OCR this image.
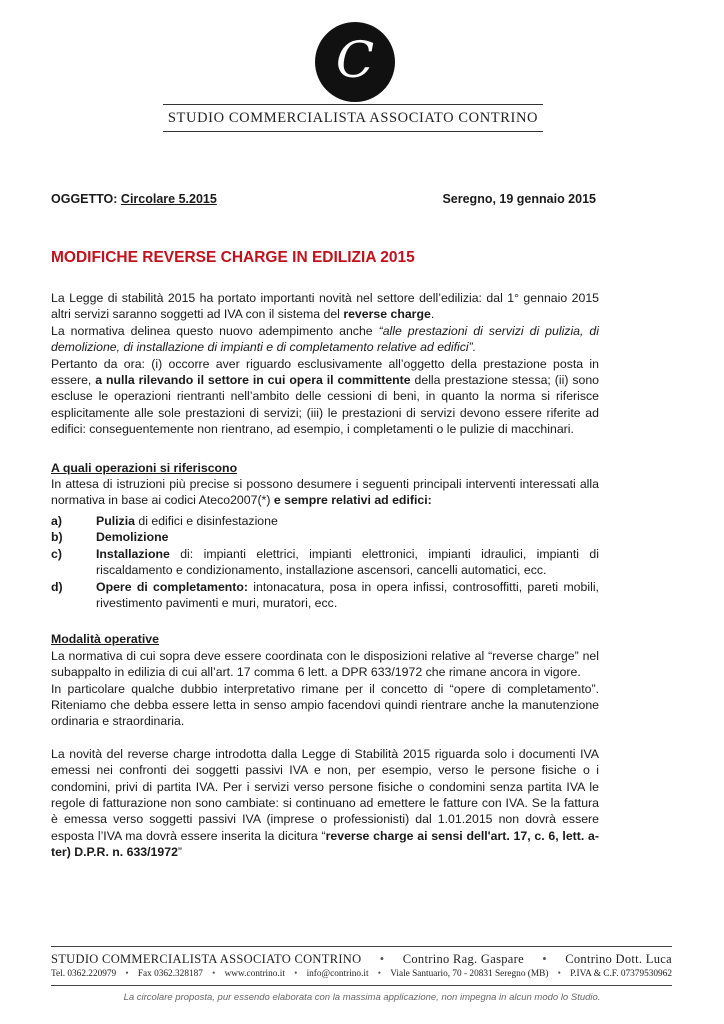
C
STUDIO COMMERCIALISTA ASSOCIATO CONTRINO
OGGETTO: Circolare 5.2015	Seregno, 19 gennaio 2015
MODIFICHE REVERSE CHARGE IN EDILIZIA 2015

La Legge di stabilità 2015 ha portato importanti novità nel settore dell’edilizia: dal 1° gennaio 2015 altri servizi saranno soggetti ad IVA con il sistema del reverse charge.

La normativa delinea questo nuovo adempimento anche “alle prestazioni di servizi di pulizia, di demolizione, di installazione di impianti e di completamento relative ad edifici”.

Pertanto da ora: (i) occorre aver riguardo esclusivamente all’oggetto della prestazione posta in essere, a nulla rilevando il settore in cui opera il committente della prestazione stessa; (ii) sono escluse le operazioni rientranti nell’ambito delle cessioni di beni, in quanto la norma si riferisce esplicitamente alle sole prestazioni di servizi; (iii) le prestazioni di servizi devono essere riferite ad edifici: conseguentemente non rientrano, ad esempio, i completamenti o le pulizie di macchinari.

A quali operazioni si riferiscono

In attesa di istruzioni più precise si possono desumere i seguenti principali interventi interessati alla normativa in base ai codici Ateco2007(*) e sempre relativi ad edifici:

a)	Pulizia di edifici e disinfestazione
b)	Demolizione
c)	Installazione di: impianti elettrici, impianti elettronici, impianti idraulici, impianti di riscaldamento e condizionamento, installazione ascensori, cancelli automatici, ecc.
d)	Opere di completamento: intonacatura, posa in opera infissi, controsoffitti, pareti mobili, rivestimento pavimenti e muri, muratori, ecc.

Modalità operative

La normativa di cui sopra deve essere coordinata con le disposizioni relative al “reverse charge” nel subappalto in edilizia di cui all’art. 17 comma 6 lett. a DPR 633/1972 che rimane ancora in vigore.

In particolare qualche dubbio interpretativo rimane per il concetto di “opere di completamento”. Riteniamo che debba essere letta in senso ampio facendovi quindi rientrare anche la manutenzione ordinaria e straordinaria.

La novità del reverse charge introdotta dalla Legge di Stabilità 2015 riguarda solo i documenti IVA emessi nei confronti dei soggetti passivi IVA e non, per esempio, verso le persone fisiche o i condomini, privi di partita IVA. Per i servizi verso persone fisiche o condomini senza partita IVA le regole di fatturazione non sono cambiate: si continuano ad emettere le fatture con IVA. Se la fattura è emessa verso soggetti passivi IVA (imprese o professionisti) dal 1.01.2015 non dovrà essere esposta l’IVA ma dovrà essere inserita la dicitura “reverse charge ai sensi dell'art. 17, c. 6, lett. a-ter) D.P.R. n. 633/1972”

STUDIO COMMERCIALISTA ASSOCIATO CONTRINO • Contrino Rag. Gaspare • Contrino Dott. Luca
Tel. 0362.220979 • Fax 0362.328187 • www.contrino.it • info@contrino.it • Viale Santuario, 70 - 20831 Seregno (MB) • P.IVA & C.F. 07379530962
La circolare proposta, pur essendo elaborata con la massima applicazione, non impegna in alcun modo lo Studio.
